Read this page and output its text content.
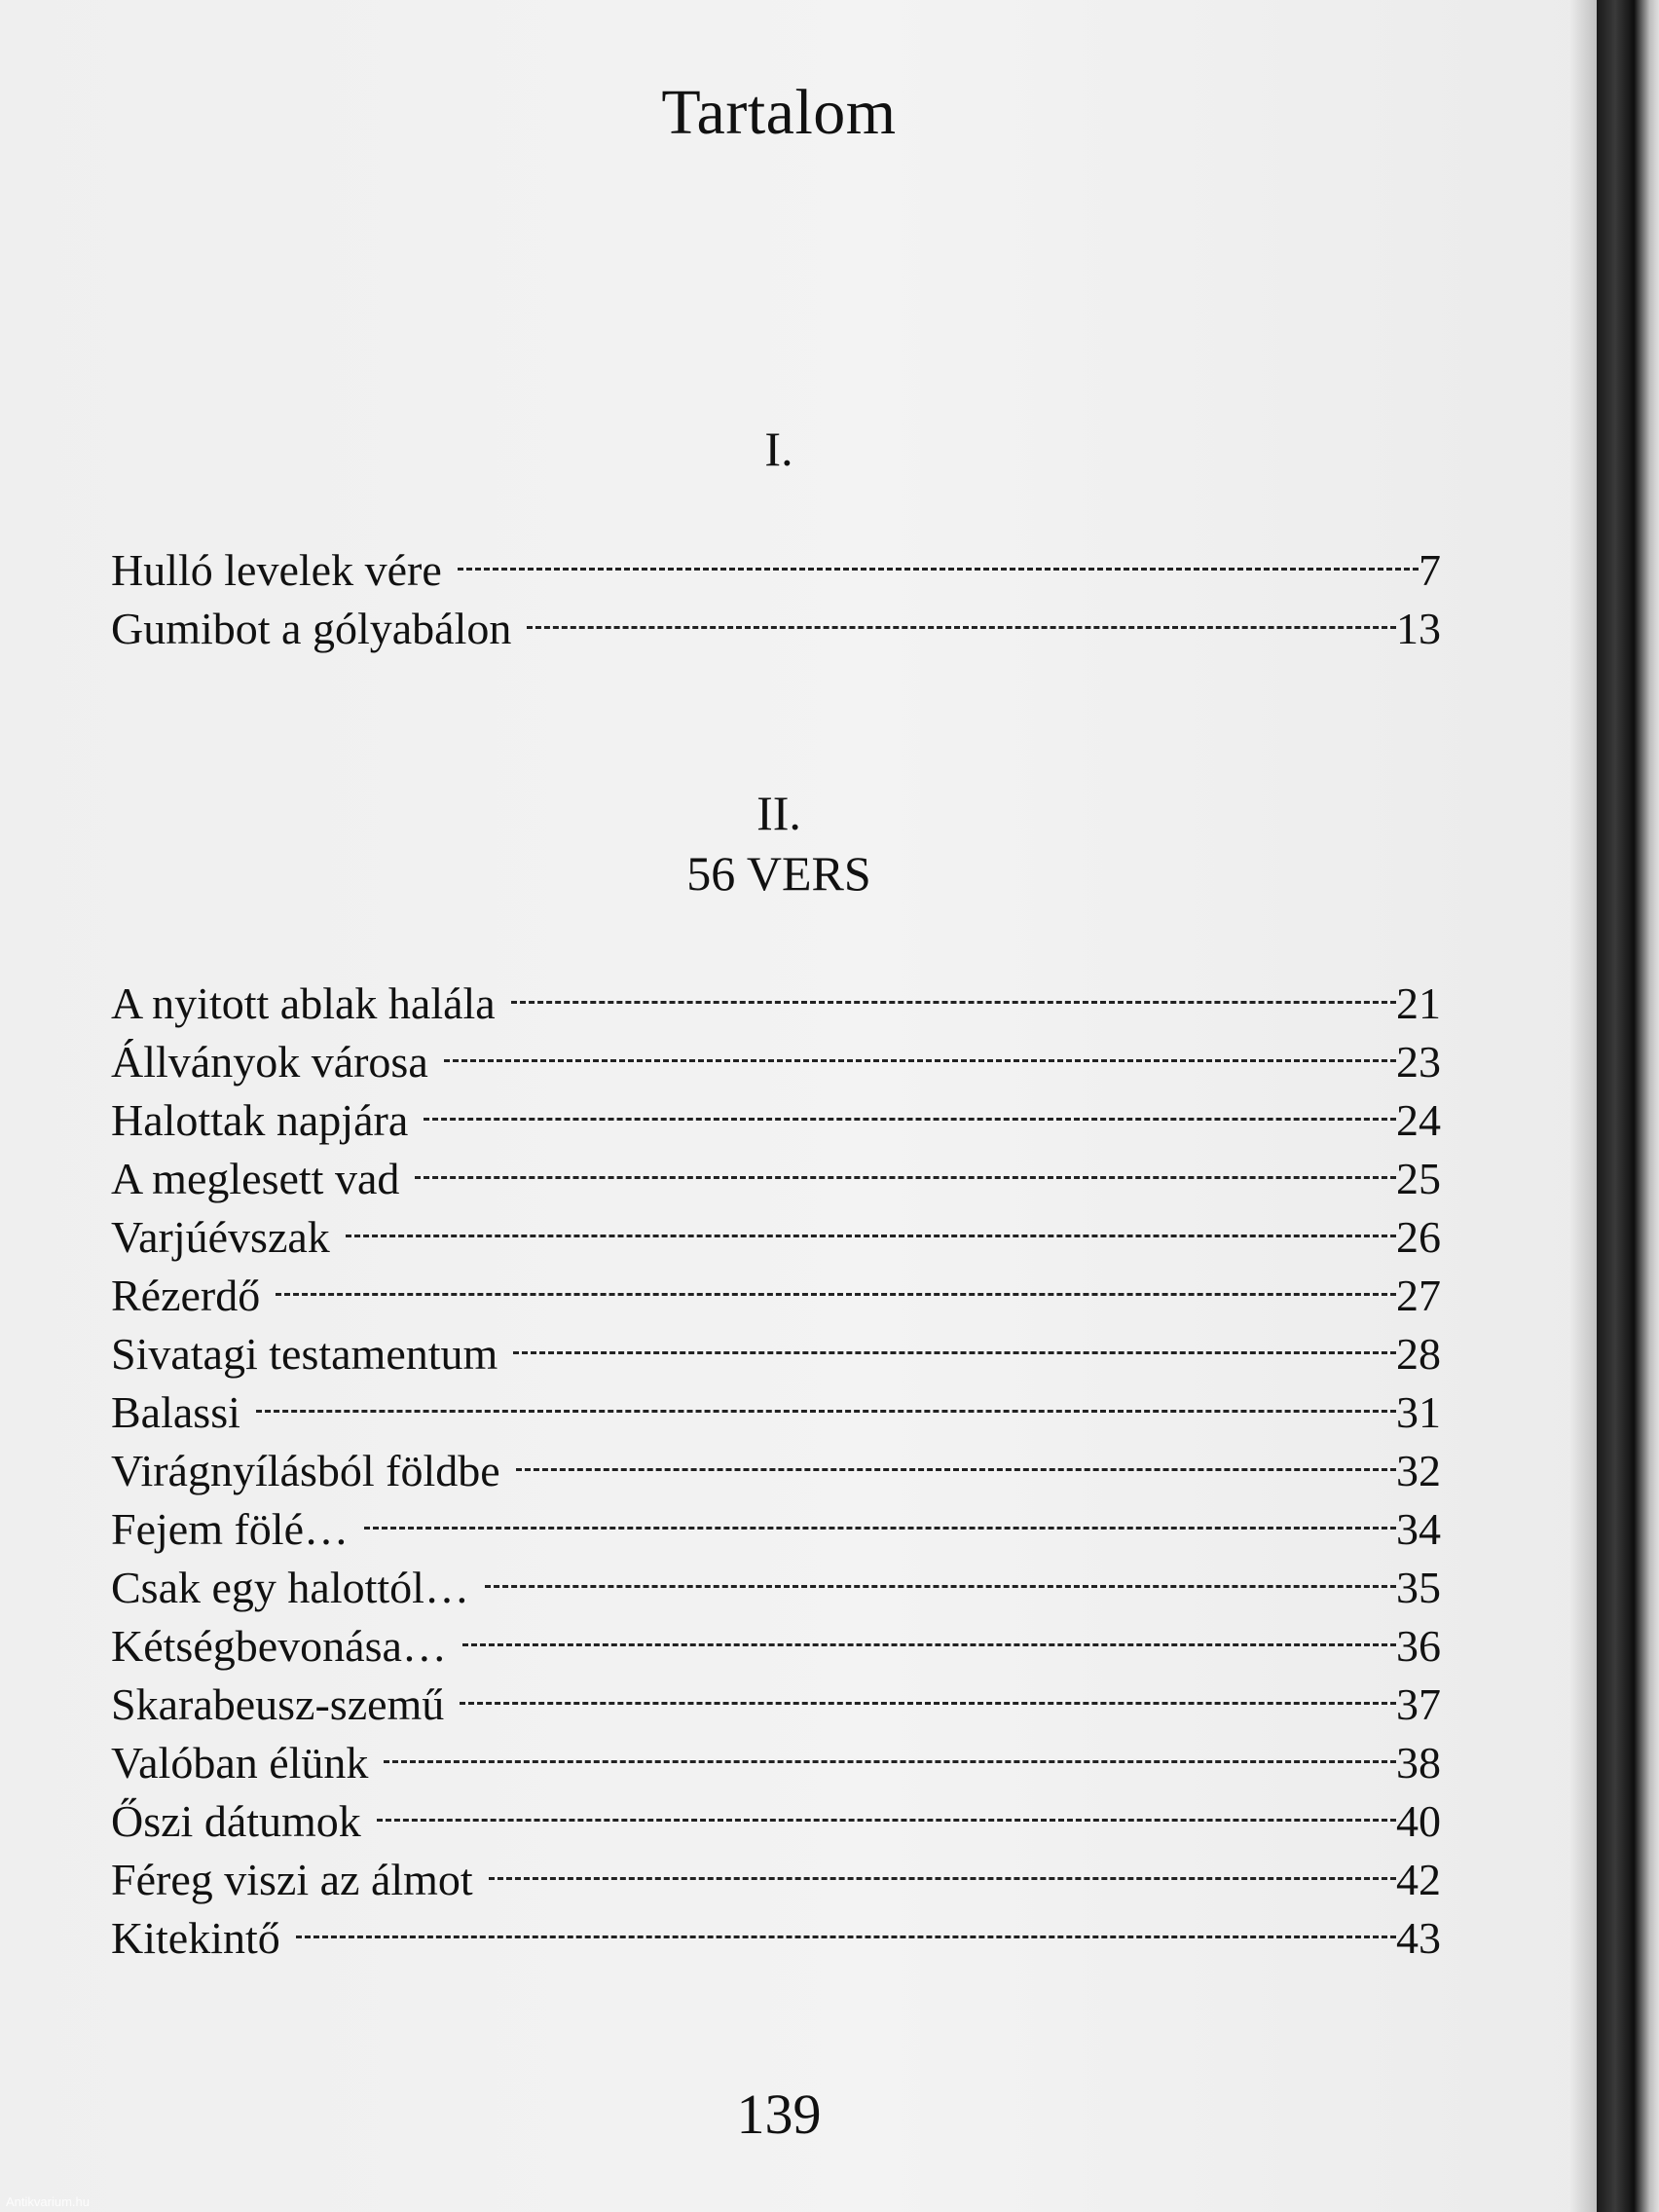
Tartalom
I.
Hulló levelek vére	7
Gumibot a gólyabálon	13
II.
56 VERS
A nyitott ablak halála	21
Állványok városa	23
Halottak napjára	24
A meglesett vad	25
Varjúévszak	26
Rézerdő	27
Sivatagi testamentum	28
Balassi	31
Virágnyílásból földbe	32
Fejem fölé…	34
Csak egy halottól…	35
Kétségbevonása…	36
Skarabeusz-szemű	37
Valóban élünk	38
Őszi dátumok	40
Féreg viszi az álmot	42
Kitekintő	43
139
Antikvarium.hu
